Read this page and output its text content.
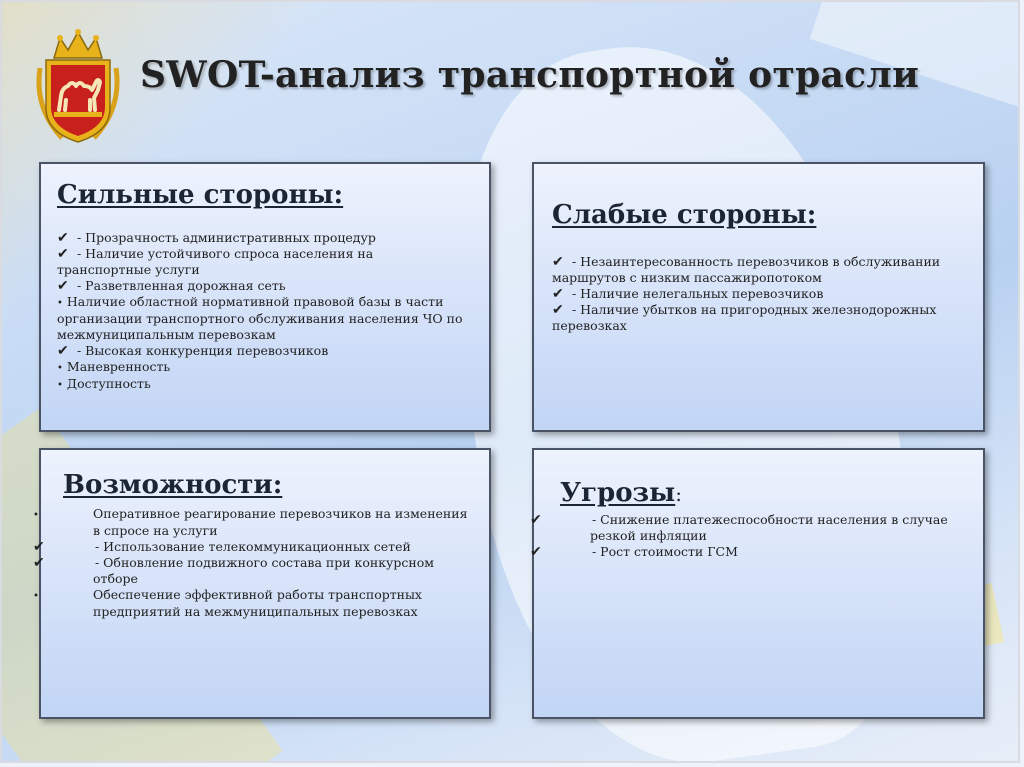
SWOT-анализ транспортной отрасли
Сильные стороны:
✔ - Прозрачность административных процедур
✔ - Наличие устойчивого спроса населения на транспортные услуги
✔ - Разветвленная дорожная сеть
• Наличие областной нормативной правовой базы в части организации транспортного обслуживания населения ЧО по межмуниципальным перевозкам
✔ - Высокая конкуренция перевозчиков
• Маневренность
• Доступность
Слабые стороны:
✔ - Незаинтересованность перевозчиков в обслуживании маршрутов с низким пассажиропотоком
✔ - Наличие нелегальных перевозчиков
✔ - Наличие убытков на пригородных железнодорожных перевозках
Возможности:
•	Оперативное реагирование перевозчиков на изменения в спросе на услуги
✔	- Использование телекоммуникационных сетей
✔	- Обновление подвижного состава при конкурсном отборе
•	Обеспечение эффективной работы транспортных предприятий на межмуниципальных перевозках
Угрозы:
✔	- Снижение платежеспособности населения в случае резкой инфляции
✔	- Рост стоимости ГСМ
